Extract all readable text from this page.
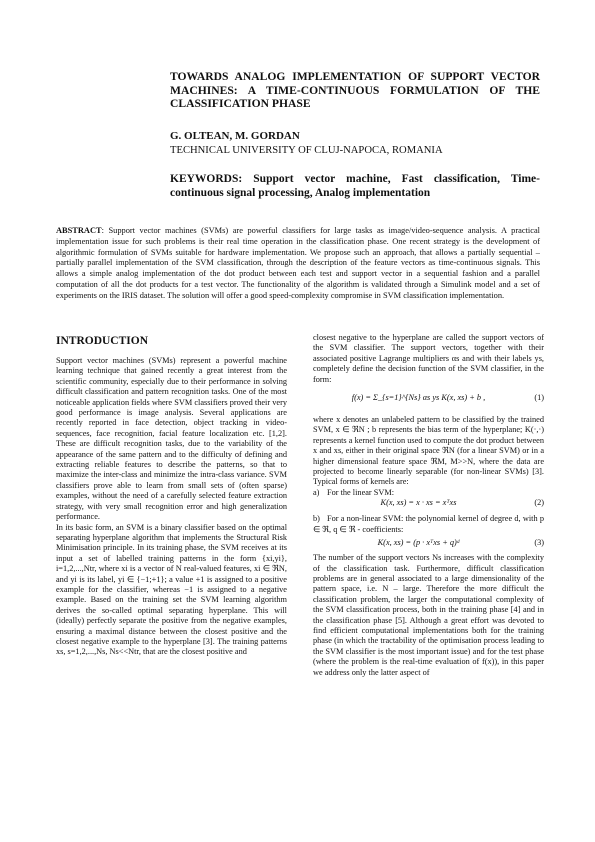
TOWARDS ANALOG IMPLEMENTATION OF SUPPORT VECTOR MACHINES: A TIME-CONTINUOUS FORMULATION OF THE CLASSIFICATION PHASE
G. OLTEAN, M. GORDAN
TECHNICAL UNIVERSITY OF CLUJ-NAPOCA, ROMANIA
KEYWORDS: Support vector machine, Fast classification, Time-continuous signal processing, Analog implementation
ABSTRACT: Support vector machines (SVMs) are powerful classifiers for large tasks as image/video-sequence analysis. A practical implementation issue for such problems is their real time operation in the classification phase. One recent strategy is the development of algorithmic formulation of SVMs suitable for hardware implementation. We propose such an approach, that allows a partially sequential – partially parallel implementation of the SVM classification, through the description of the feature vectors as time-continuous signals. This allows a simple analog implementation of the dot product between each test and support vector in a sequential fashion and a parallel computation of all the dot products for a test vector. The functionality of the algorithm is validated through a Simulink model and a set of experiments on the IRIS dataset. The solution will offer a good speed-complexity compromise in SVM classification implementation.
INTRODUCTION

Support vector machines (SVMs) represent a powerful machine learning technique that gained recently a great interest from the scientific community, especially due to their performance in solving difficult classification and pattern recognition tasks. One of the most noticeable application fields where SVM classifiers proved their very good performance is image analysis. Several applications are recently reported in face detection, object tracking in video-sequences, face recognition, facial feature localization etc. [1,2]. These are difficult recognition tasks, due to the variability of the appearance of the same pattern and to the difficulty of defining and extracting reliable features to describe the patterns, so that to maximize the inter-class and minimize the intra-class variance. SVM classifiers prove able to learn from small sets of (often sparse) examples, without the need of a carefully selected feature extraction strategy, with very small recognition error and high generalization performance.

In its basic form, an SVM is a binary classifier based on the optimal separating hyperplane algorithm that implements the Structural Risk Minimisation principle. In its training phase, the SVM receives at its input a set of labelled training patterns in the form {xi,yi}, i=1,2,...,Ntr, where xi is a vector of N real-valued features, xi ∈ ℜN, and yi is its label, yi ∈ {−1;+1}; a value +1 is assigned to a positive example for the classifier, whereas −1 is assigned to a negative example. Based on the training set the SVM learning algorithm derives the so-called optimal separating hyperplane. This will (ideally) perfectly separate the positive from the negative examples, ensuring a maximal distance between the closest positive and the closest negative example to the hyperplane [3]. The training patterns xs, s=1,2,...,Ns, Ns<<Ntr, that are the closest positive and

closest negative to the hyperplane are called the support vectors of the SVM classifier. The support vectors, together with their associated positive Lagrange multipliers αs and with their labels ys, completely define the decision function of the SVM classifier, in the form:

f(x) = Σ_{s=1}^{Ns} αs ys K(x, xs) + b ,	(1)

where x denotes an unlabeled pattern to be classified by the trained SVM, x ∈ ℜN ; b represents the bias term of the hyperplane; K(·,·) represents a kernel function used to compute the dot product between x and xs, either in their original space ℜN (for a linear SVM) or in a higher dimensional feature space ℜM, M>>N, where the data are projected to become linearly separable (for non-linear SVMs) [3]. Typical forms of kernels are:

a) For the linear SVM:
K(x, xs) = x · xs = xᵀxs	(2)
b) For a non-linear SVM: the polynomial kernel of degree d, with p ∈ ℜ, q ∈ ℜ - coefficients:
K(x, xs) = (p · xᵀxs + q)ᵈ	(3)

The number of the support vectors Ns increases with the complexity of the classification task. Furthermore, difficult classification problems are in general associated to a large dimensionality of the pattern space, i.e. N – large. Therefore the more difficult the classification problem, the larger the computational complexity of the SVM classification process, both in the training phase [4] and in the classification phase [5]. Although a great effort was devoted to find efficient computational implementations both for the training phase (in which the tractability of the optimisation process leading to the SVM classifier is the most important issue) and for the test phase (where the problem is the real-time evaluation of f(x)), in this paper we address only the latter aspect of
